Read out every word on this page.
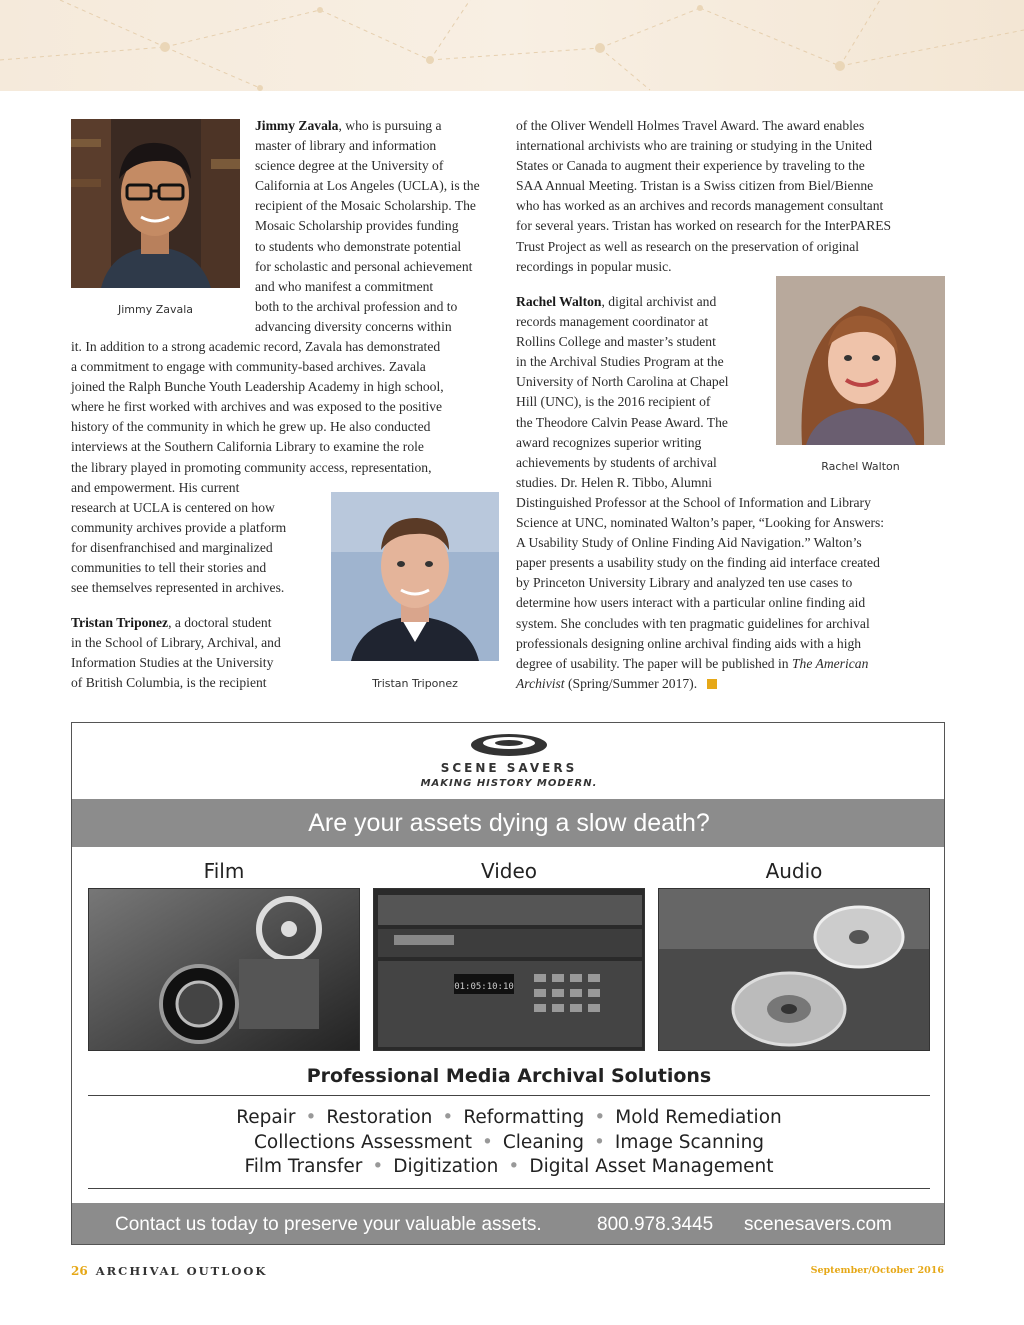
Jimmy Zavala
Jimmy Zavala, who is pursuing a
master of library and information
science degree at the University of
California at Los Angeles (UCLA), is the
recipient of the Mosaic Scholarship. The
Mosaic Scholarship provides funding
to students who demonstrate potential
for scholastic and personal achievement
and who manifest a commitment
both to the archival profession and to
advancing diversity concerns within
it. In addition to a strong academic record, Zavala has demonstrated
a commitment to engage with community-based archives. Zavala
joined the Ralph Bunche Youth Leadership Academy in high school,
where he first worked with archives and was exposed to the positive
history of the community in which he grew up. He also conducted
interviews at the Southern California Library to examine the role
the library played in promoting community access, representation,
and empowerment. His current
research at UCLA is centered on how
community archives provide a platform
for disenfranchised and marginalized
communities to tell their stories and
see themselves represented in archives.
Tristan Triponez, a doctoral student
in the School of Library, Archival, and
Information Studies at the University
of British Columbia, is the recipient	Tristan Triponez
of the Oliver Wendell Holmes Travel Award. The award enables
international archivists who are training or studying in the United
States or Canada to augment their experience by traveling to the
SAA Annual Meeting. Tristan is a Swiss citizen from Biel/Bienne
who has worked as an archives and records management consultant
for several years. Tristan has worked on research for the InterPARES
Trust Project as well as research on the preservation of original
recordings in popular music.
Rachel Walton
Rachel Walton, digital archivist and
records management coordinator at
Rollins College and master’s student
in the Archival Studies Program at the
University of North Carolina at Chapel
Hill (UNC), is the 2016 recipient of
the Theodore Calvin Pease Award. The
award recognizes superior writing
achievements by students of archival
studies. Dr. Helen R. Tibbo, Alumni
Distinguished Professor at the School of Information and Library
Science at UNC, nominated Walton’s paper, “Looking for Answers:
A Usability Study of Online Finding Aid Navigation.” Walton’s
paper presents a usability study on the finding aid interface created
by Princeton University Library and analyzed ten use cases to
determine how users interact with a particular online finding aid
system. She concludes with ten pragmatic guidelines for archival
professionals designing online archival finding aids with a high
degree of usability. The paper will be published in The American
Archivist (Spring/Summer 2017).
SCENE SAVERS
MAKING HISTORY MODERN.
Are your assets dying a slow death?
Film	Video	Audio
01:05:10:10
Professional Media Archival Solutions
Repair • Restoration • Reformatting • Mold Remediation
Collections Assessment • Cleaning • Image Scanning
Film Transfer • Digitization • Digital Asset Management
Contact us today to preserve your valuable assets.	800.978.3445 scenesavers.com
26 ARCHIVAL OUTLOOK	September/October 2016
